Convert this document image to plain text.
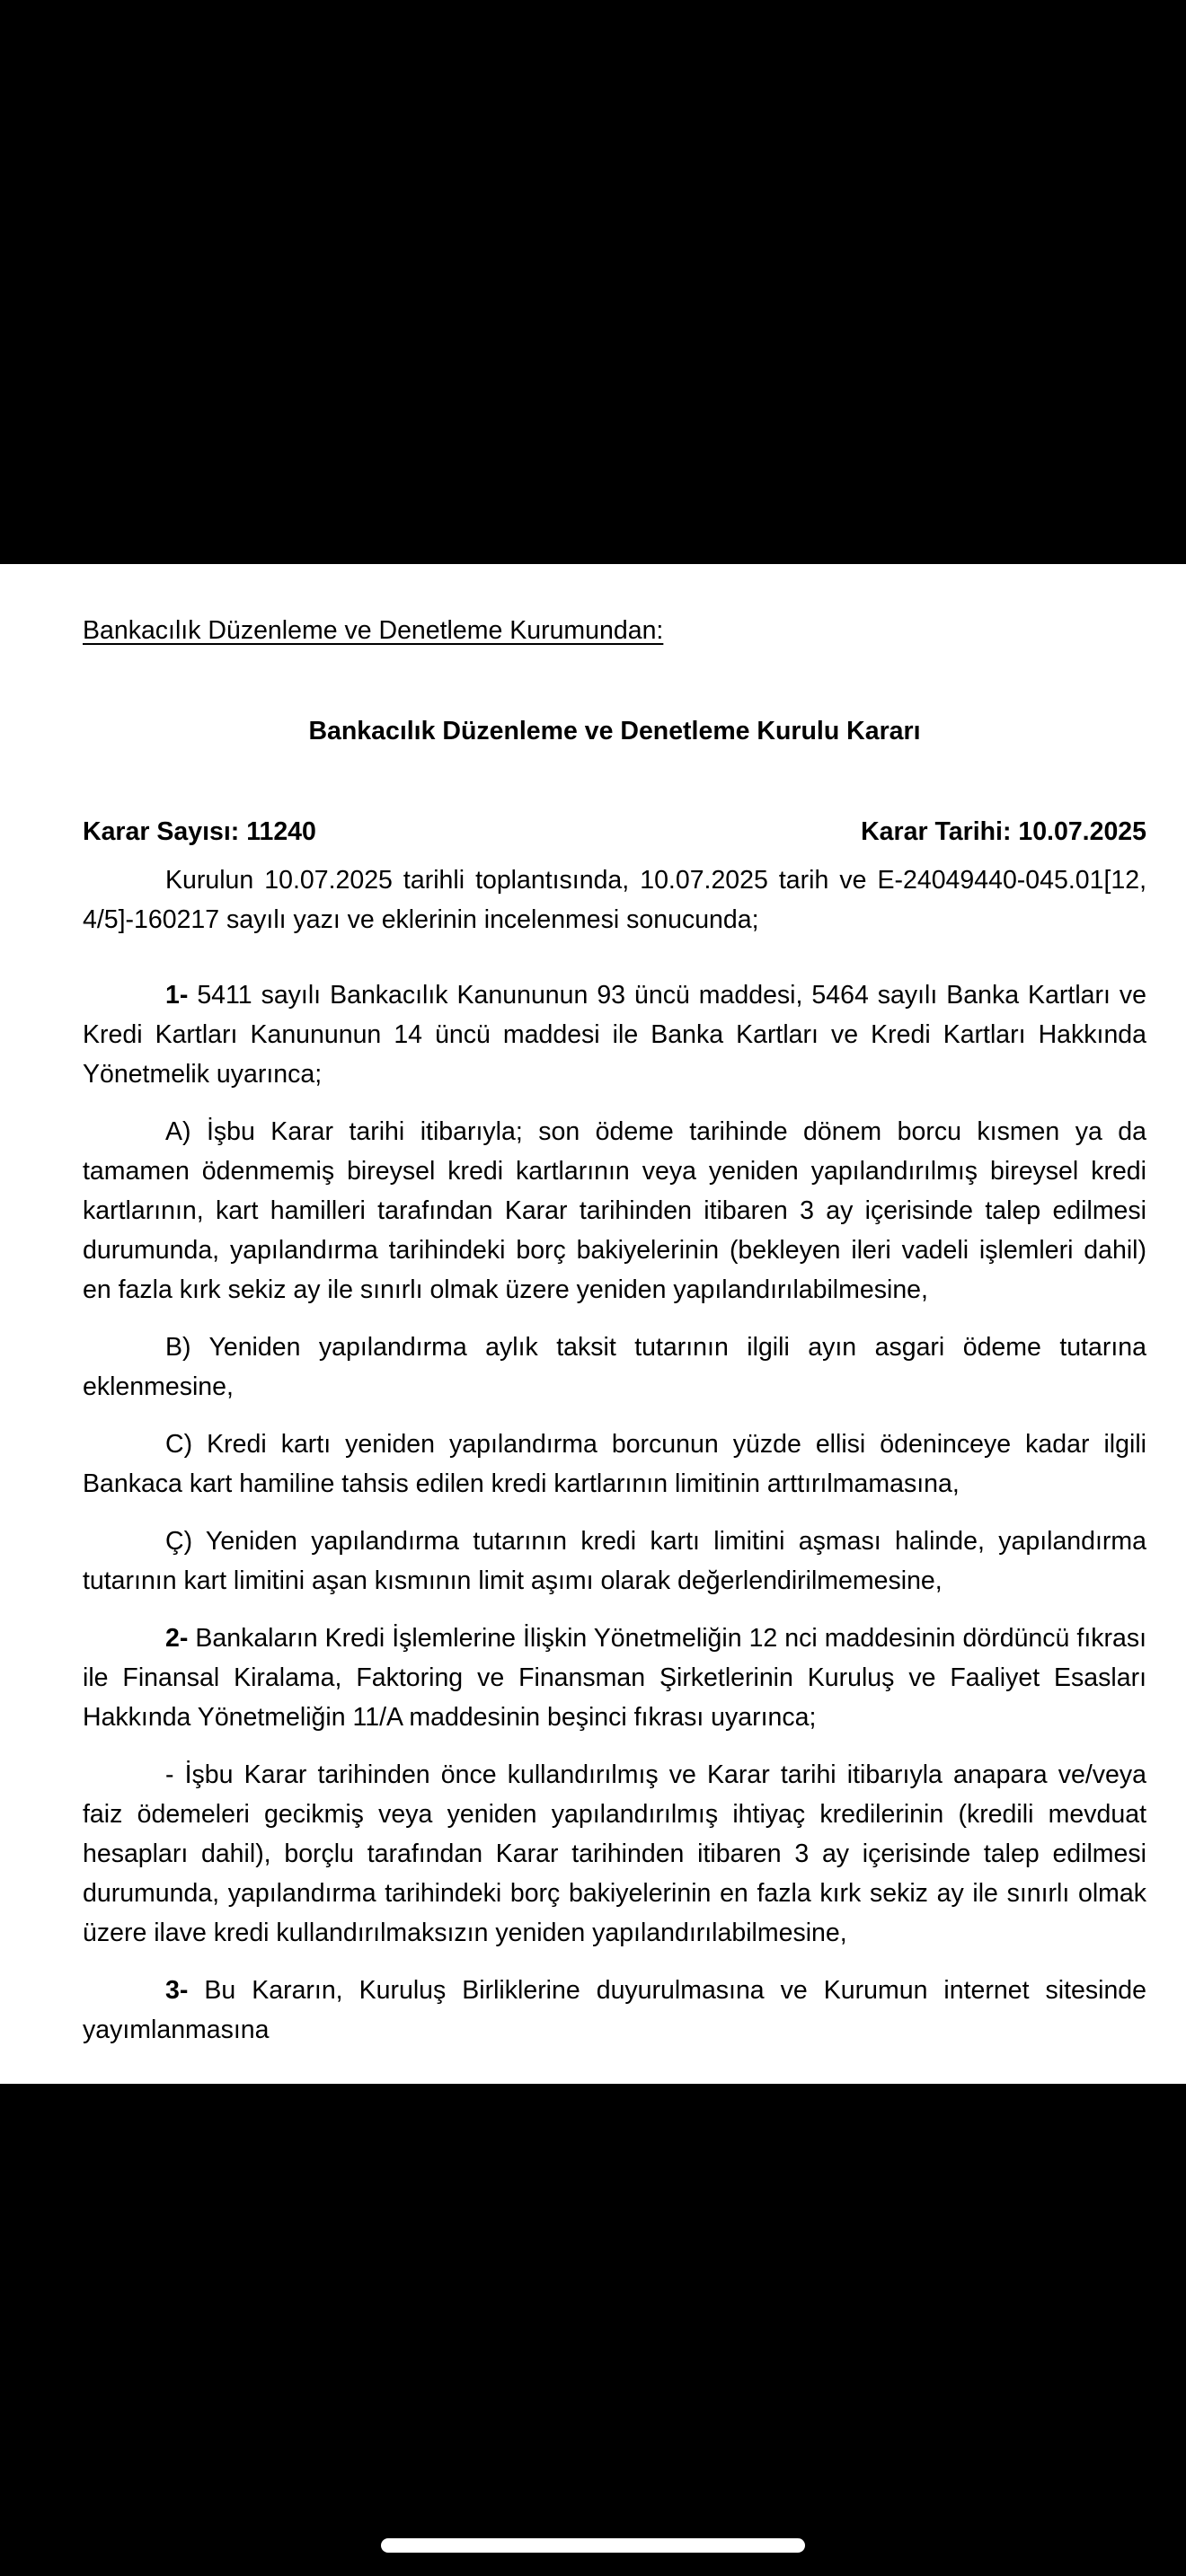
Bankacılık Düzenleme ve Denetleme Kurumundan:

Bankacılık Düzenleme ve Denetleme Kurulu Kararı

Karar Sayısı: 11240	Karar Tarihi: 10.07.2025

Kurulun 10.07.2025 tarihli toplantısında, 10.07.2025 tarih ve E-24049440-045.01[12, 4/5]-160217 sayılı yazı ve eklerinin incelenmesi sonucunda;

1- 5411 sayılı Bankacılık Kanununun 93 üncü maddesi, 5464 sayılı Banka Kartları ve Kredi Kartları Kanununun 14 üncü maddesi ile Banka Kartları ve Kredi Kartları Hakkında Yönetmelik uyarınca;

A) İşbu Karar tarihi itibarıyla; son ödeme tarihinde dönem borcu kısmen ya da tamamen ödenmemiş bireysel kredi kartlarının veya yeniden yapılandırılmış bireysel kredi kartlarının, kart hamilleri tarafından Karar tarihinden itibaren 3 ay içerisinde talep edilmesi durumunda, yapılandırma tarihindeki borç bakiyelerinin (bekleyen ileri vadeli işlemleri dahil) en fazla kırk sekiz ay ile sınırlı olmak üzere yeniden yapılandırılabilmesine,

B) Yeniden yapılandırma aylık taksit tutarının ilgili ayın asgari ödeme tutarına eklenmesine,

C) Kredi kartı yeniden yapılandırma borcunun yüzde ellisi ödeninceye kadar ilgili Bankaca kart hamiline tahsis edilen kredi kartlarının limitinin arttırılmamasına,

Ç) Yeniden yapılandırma tutarının kredi kartı limitini aşması halinde, yapılandırma tutarının kart limitini aşan kısmının limit aşımı olarak değerlendirilmemesine,

2- Bankaların Kredi İşlemlerine İlişkin Yönetmeliğin 12 nci maddesinin dördüncü fıkrası ile Finansal Kiralama, Faktoring ve Finansman Şirketlerinin Kuruluş ve Faaliyet Esasları Hakkında Yönetmeliğin 11/A maddesinin beşinci fıkrası uyarınca;

- İşbu Karar tarihinden önce kullandırılmış ve Karar tarihi itibarıyla anapara ve/veya faiz ödemeleri gecikmiş veya yeniden yapılandırılmış ihtiyaç kredilerinin (kredili mevduat hesapları dahil), borçlu tarafından Karar tarihinden itibaren 3 ay içerisinde talep edilmesi durumunda, yapılandırma tarihindeki borç bakiyelerinin en fazla kırk sekiz ay ile sınırlı olmak üzere ilave kredi kullandırılmaksızın yeniden yapılandırılabilmesine,

3- Bu Kararın, Kuruluş Birliklerine duyurulmasına ve Kurumun internet sitesinde yayımlanmasına
